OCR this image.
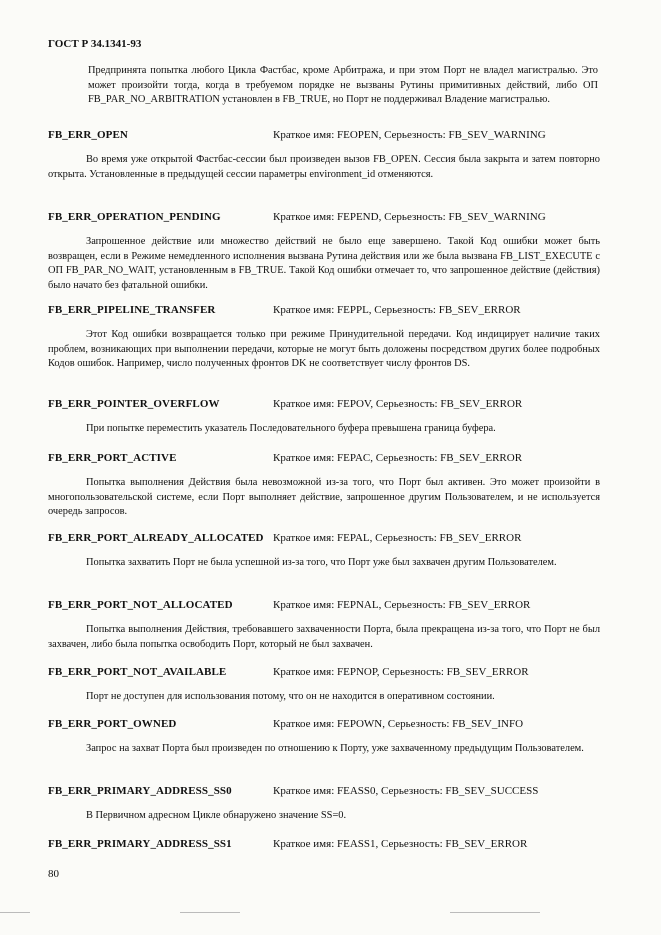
ГОСТ Р 34.1341-93
Предпринята попытка любого Цикла Фастбас, кроме Арбитража, и при этом Порт не владел магистралью. Это может произойти тогда, когда в требуемом порядке не вызваны Рутины примитивных действий, либо ОП FB_PAR_NO_ARBITRATION установлен в FB_TRUE, но Порт не поддерживал Владение магистралью.
FB_ERR_OPEN	Краткое имя: FEOPEN, Серьезность: FB_SEV_WARNING
Во время уже открытой Фастбас-сессии был произведен вызов FB_OPEN. Сессия была закрыта и затем повторно открыта. Установленные в предыдущей сессии параметры environment_id отменяются.
FB_ERR_OPERATION_PENDING	Краткое имя: FEPEND, Серьезность: FB_SEV_WARNING
Запрошенное действие или множество действий не было еще завершено. Такой Код ошибки может быть возвращен, если в Режиме немедленного исполнения вызвана Рутина действия или же была вызвана FB_LIST_EXECUTE с ОП FB_PAR_NO_WAIT, установленным в FB_TRUE. Такой Код ошибки отмечает то, что запрошенное действие (действия) было начато без фатальной ошибки.
FB_ERR_PIPELINE_TRANSFER	Краткое имя: FEPPL, Серьезность: FB_SEV_ERROR
Этот Код ошибки возвращается только при режиме Принудительной передачи. Код индицирует наличие таких проблем, возникающих при выполнении передачи, которые не могут быть доложены посредством других более подробных Кодов ошибок. Например, число полученных фронтов DK не соответствует числу фронтов DS.
FB_ERR_POINTER_OVERFLOW	Краткое имя: FEPOV, Серьезность: FB_SEV_ERROR
При попытке переместить указатель Последовательного буфера превышена граница буфера.
FB_ERR_PORT_ACTIVE	Краткое имя: FEPAC, Серьезность: FB_SEV_ERROR
Попытка выполнения Действия была невозможной из-за того, что Порт был активен. Это может произойти в многопользовательской системе, если Порт выполняет действие, запрошенное другим Пользователем, и не используется очередь запросов.
FB_ERR_PORT_ALREADY_ALLOCATED Краткое имя: FEPAL, Серьезность: FB_SEV_ERROR
Попытка захватить Порт не была успешной из-за того, что Порт уже был захвачен другим Пользователем.
FB_ERR_PORT_NOT_ALLOCATED	Краткое имя: FEPNAL, Серьезность: FB_SEV_ERROR
Попытка выполнения Действия, требовавшего захваченности Порта, была прекращена из-за того, что Порт не был захвачен, либо была попытка освободить Порт, который не был захвачен.
FB_ERR_PORT_NOT_AVAILABLE	Краткое имя: FEPNOP, Серьезность: FB_SEV_ERROR
Порт не доступен для использования потому, что он не находится в оперативном состоянии.
FB_ERR_PORT_OWNED	Краткое имя: FEPOWN, Серьезность: FB_SEV_INFO
Запрос на захват Порта был произведен по отношению к Порту, уже захваченному предыдущим Пользователем.
FB_ERR_PRIMARY_ADDRESS_SS0	Краткое имя: FEASS0, Серьезность: FB_SEV_SUCCESS
В Первичном адресном Цикле обнаружено значение SS=0.
FB_ERR_PRIMARY_ADDRESS_SS1	Краткое имя: FEASS1, Серьезность: FB_SEV_ERROR
80
